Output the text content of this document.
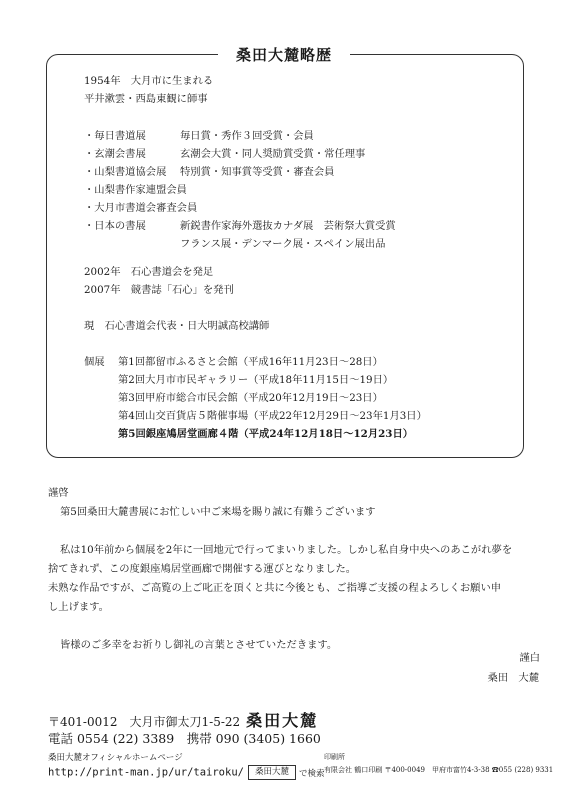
桑田大麓略歴
1954年　大月市に生まれる
平井漱雲・西島東観に師事
・毎日書道展	毎日賞・秀作３回受賞・会員
・玄潮会書展	玄潮会大賞・同人奨励賞受賞・常任理事
・山梨書道協会展 特別賞・知事賞等受賞・審査会員
・山梨書作家連盟会員
・大月市書道会審査会員
・日本の書展	新鋭書作家海外選抜カナダ展　芸術祭大賞受賞
フランス展・デンマーク展・スペイン展出品
2002年　石心書道会を発足
2007年　競書誌「石心」を発刊
現　石心書道会代表・日大明誠高校講師
個展 第1回都留市ふるさと会館（平成16年11月23日〜28日）
第2回大月市市民ギャラリー（平成18年11月15日〜19日）
第3回甲府市総合市民会館（平成20年12月19日〜23日）
第4回山交百貨店５階催事場（平成22年12月29日〜23年1月3日）
第5回銀座鳩居堂画廊４階（平成24年12月18日〜12月23日）

謹啓

第5回桑田大麓書展にお忙しい中ご来場を賜り誠に有難うございます

私は10年前から個展を2年に一回地元で行ってまいりました。しかし私自身中央へのあこがれ夢を

捨てきれず、この度銀座鳩居堂画廊で開催する運びとなりました。

未熟な作品ですが、ご高覧の上ご叱正を頂くと共に今後とも、ご指導ご支援の程よろしくお願い申

し上げます。

皆様のご多幸をお祈りし御礼の言葉とさせていただきます。

謹白
桑田　大麓
〒401-0012　大月市御太刀1-5-22 桑田大麓
電話 0554 (22) 3389　携帯 090 (3405) 1660
桑田大麓オフィシャルホームページ
http://print-man.jp/ur/tairoku/ 桑田大麓 で検索
印刷所
有限会社 鶴口印刷 〒400-0049　甲府市富竹4-3-38 ☎055 (228) 9331
